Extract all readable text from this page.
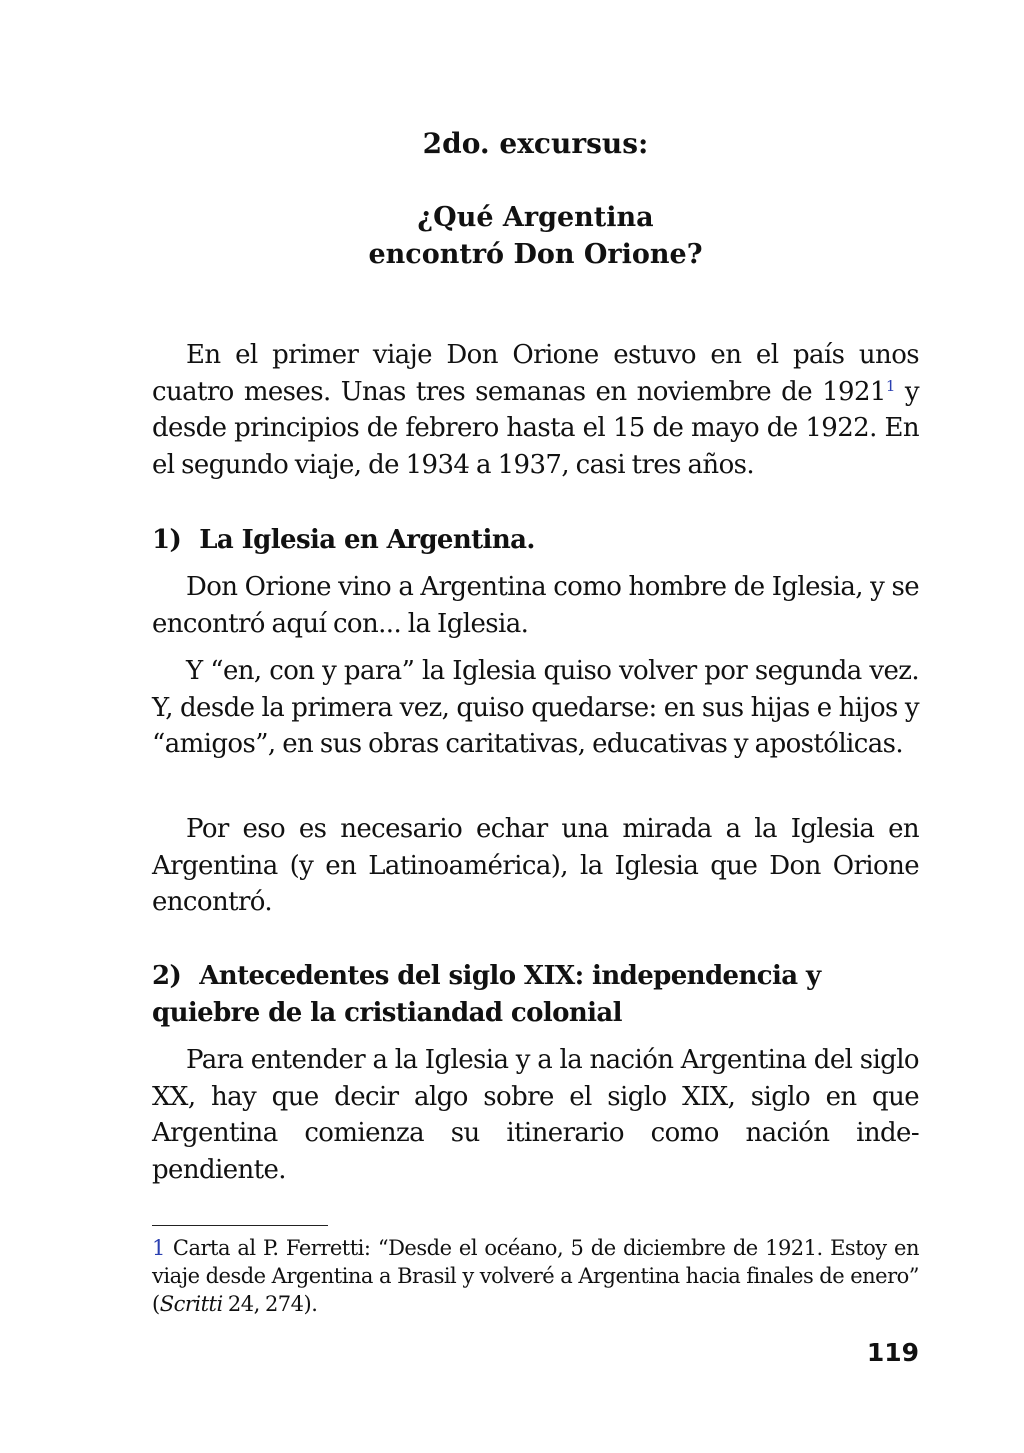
2do. excursus:
¿Qué Argentina
encontró Don Orione?

En el primer viaje Don Orione estuvo en el país unos cuatro meses. Unas tres semanas en noviembre de 1921$^1$ y desde principios de febrero hasta el 15 de mayo de 1922. En el segundo viaje, de 1934 a 1937, casi tres años.

1) La Iglesia en Argentina.

Don Orione vino a Argentina como hombre de Iglesia, y se encontró aquí con... la Iglesia.

Y “en, con y para” la Iglesia quiso volver por segunda vez. Y, desde la primera vez, quiso quedarse: en sus hijas e hijos y “amigos”, en sus obras caritativas, educativas y apostólicas.

Por eso es necesario echar una mirada a la Iglesia en Argentina (y en Latinoamérica), la Iglesia que Don Orione encontró.

2) Antecedentes del siglo XIX: independencia y quiebre de la cristiandad colonial

Para entender a la Iglesia y a la nación Argentina del siglo XX, hay que decir algo sobre el siglo XIX, siglo en que Argentina comienza su itinerario como nación inde-pendiente.

1 Carta al P. Ferretti: “Desde el océano, 5 de diciembre de 1921. Estoy en viaje desde Argentina a Brasil y volveré a Argentina hacia finales de enero” (Scritti 24, 274).

119
